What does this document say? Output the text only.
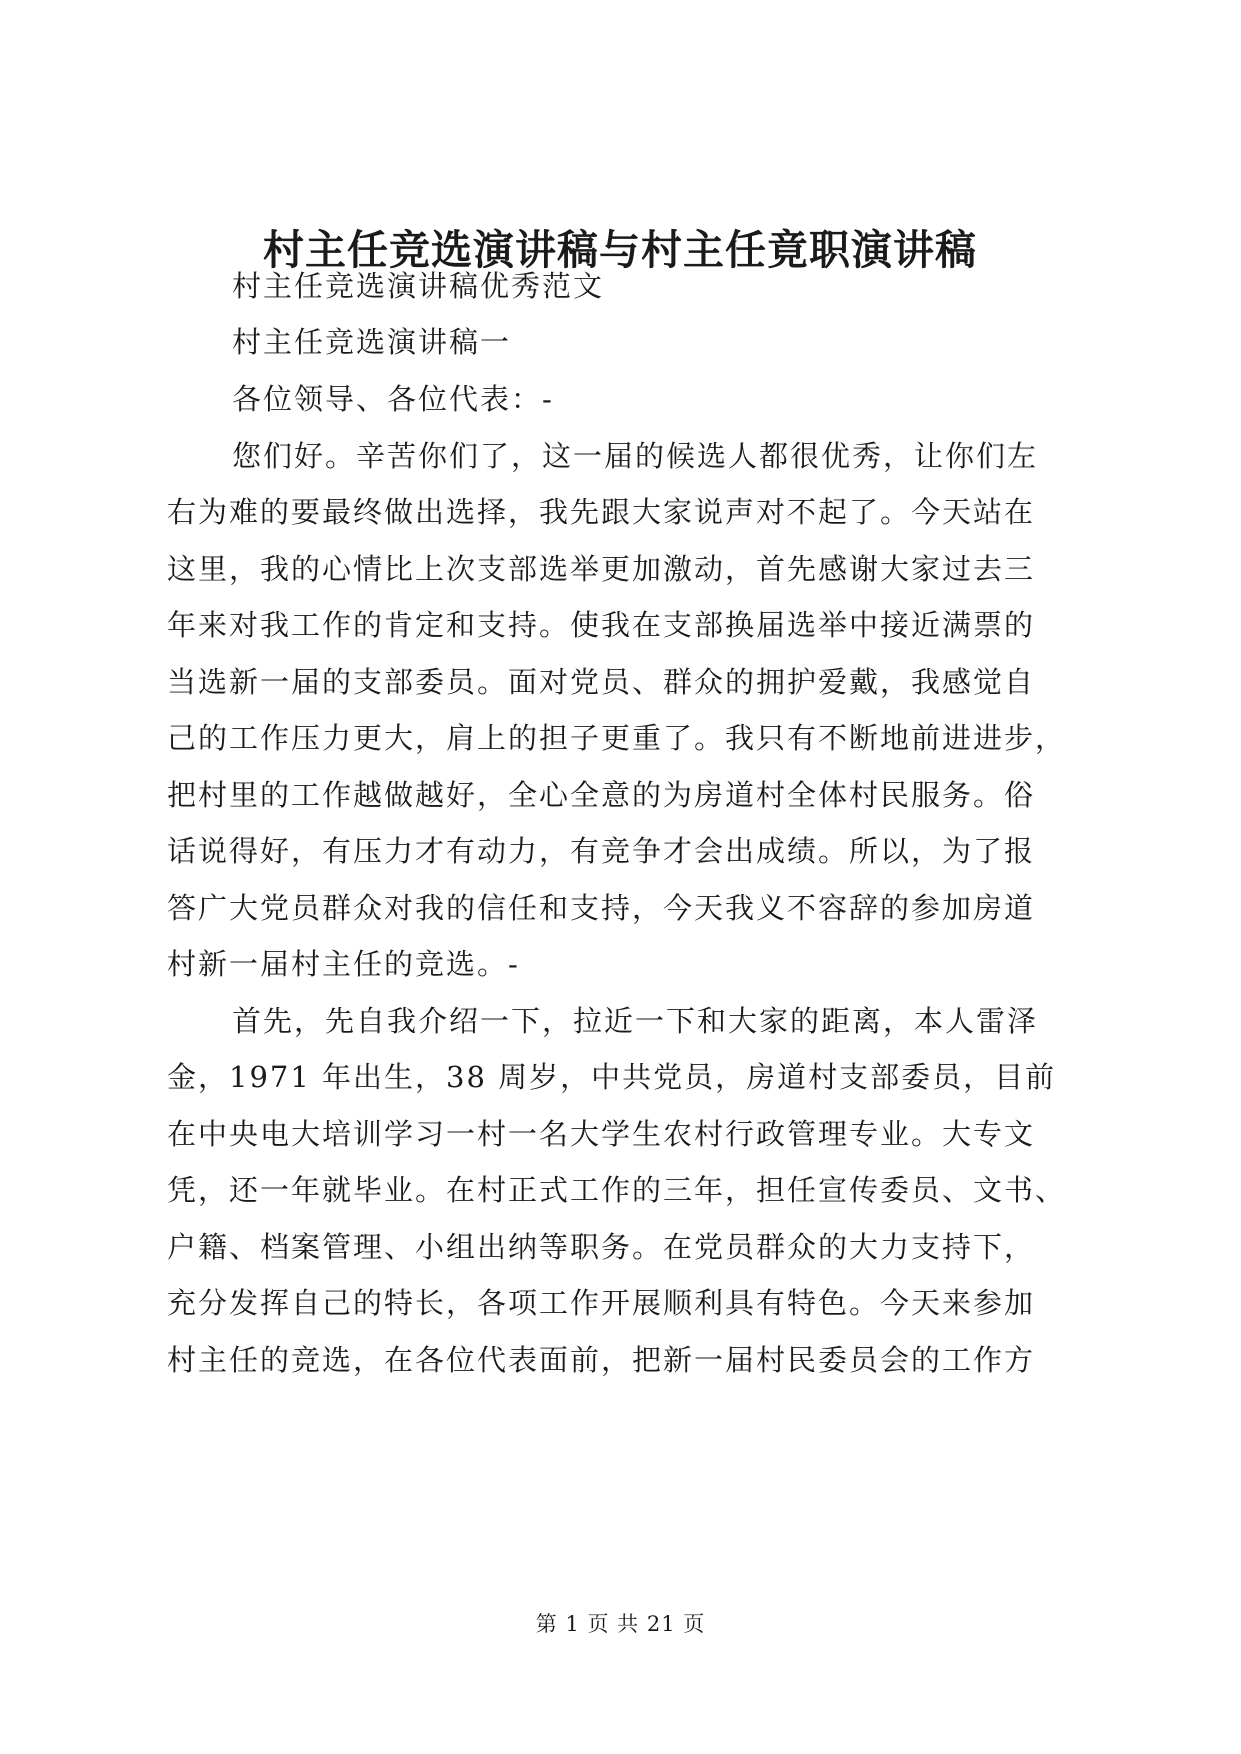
村主任竞选演讲稿与村主任竟职演讲稿
村主任竞选演讲稿优秀范文
村主任竞选演讲稿一
各位领导、各位代表：-
您们好。辛苦你们了，这一届的候选人都很优秀，让你们左
右为难的要最终做出选择，我先跟大家说声对不起了。今天站在
这里，我的心情比上次支部选举更加激动，首先感谢大家过去三
年来对我工作的肯定和支持。使我在支部换届选举中接近满票的
当选新一届的支部委员。面对党员、群众的拥护爱戴，我感觉自
己的工作压力更大，肩上的担子更重了。我只有不断地前进进步，
把村里的工作越做越好，全心全意的为房道村全体村民服务。俗
话说得好，有压力才有动力，有竞争才会出成绩。所以，为了报
答广大党员群众对我的信任和支持，今天我义不容辞的参加房道
村新一届村主任的竞选。-
首先，先自我介绍一下，拉近一下和大家的距离，本人雷泽
金，1971 年出生，38 周岁，中共党员，房道村支部委员，目前
在中央电大培训学习一村一名大学生农村行政管理专业。大专文
凭，还一年就毕业。在村正式工作的三年，担任宣传委员、文书、
户籍、档案管理、小组出纳等职务。在党员群众的大力支持下，
充分发挥自己的特长，各项工作开展顺利具有特色。今天来参加
村主任的竞选，在各位代表面前，把新一届村民委员会的工作方
第 1 页 共 21 页
